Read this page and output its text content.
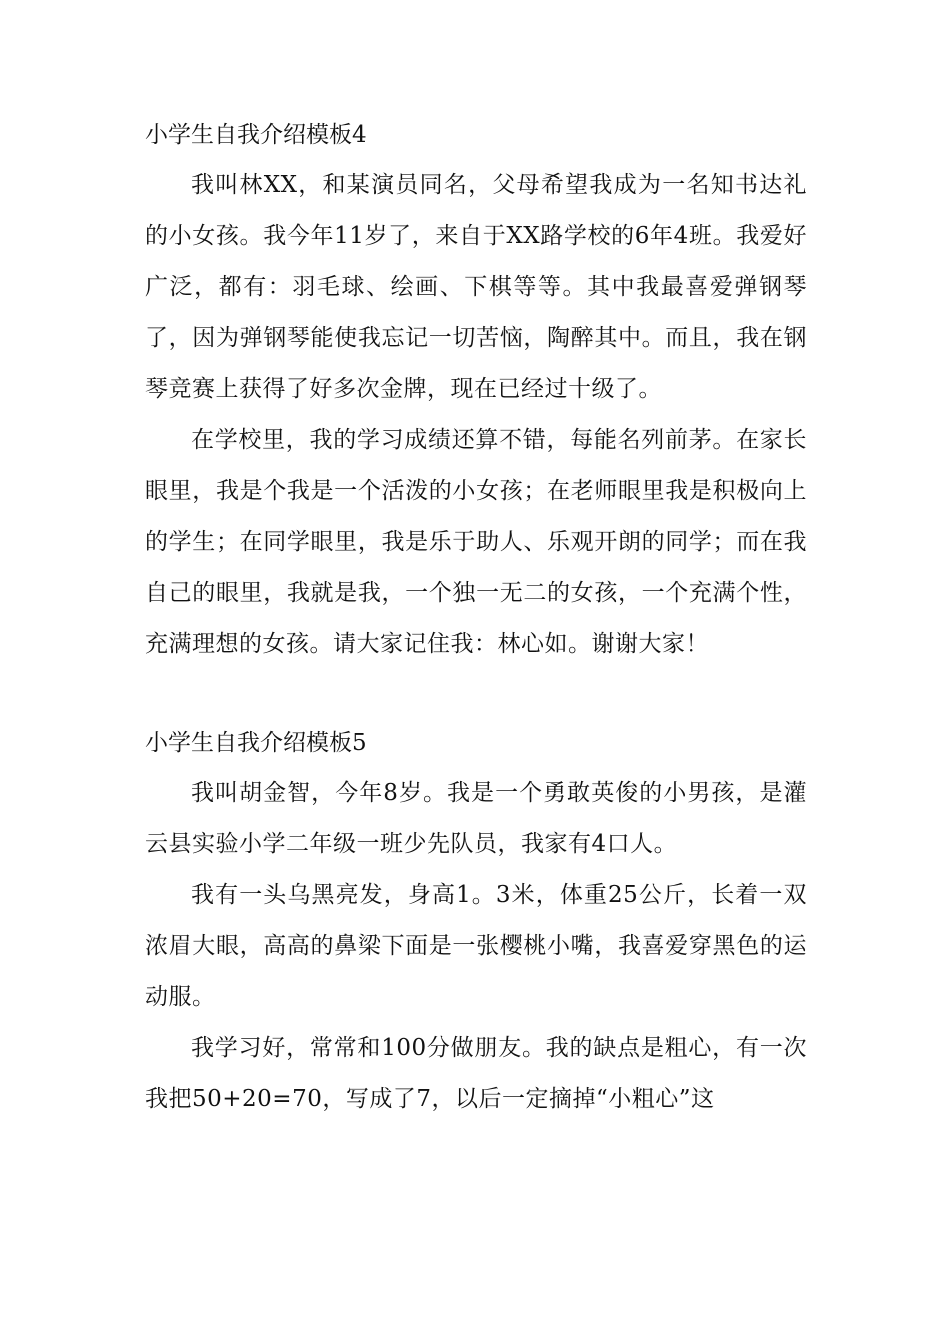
小学生自我介绍模板4

我叫林XX，和某演员同名，父母希望我成为一名知书达礼的小女孩。我今年11岁了，来自于XX路学校的6年4班。我爱好广泛，都有：羽毛球、绘画、下棋等等。其中我最喜爱弹钢琴了，因为弹钢琴能使我忘记一切苦恼，陶醉其中。而且，我在钢琴竞赛上获得了好多次金牌，现在已经过十级了。

在学校里，我的学习成绩还算不错，每能名列前茅。在家长眼里，我是个我是一个活泼的小女孩；在老师眼里我是积极向上的学生；在同学眼里，我是乐于助人、乐观开朗的同学；而在我自己的眼里，我就是我，一个独一无二的女孩，一个充满个性，充满理想的女孩。请大家记住我：林心如。谢谢大家！

小学生自我介绍模板5

我叫胡金智，今年8岁。我是一个勇敢英俊的小男孩，是灌云县实验小学二年级一班少先队员，我家有4口人。

我有一头乌黑亮发，身高1。3米，体重25公斤，长着一双浓眉大眼，高高的鼻梁下面是一张樱桃小嘴，我喜爱穿黑色的运动服。

我学习好，常常和100分做朋友。我的缺点是粗心，有一次我把50+20=70，写成了7，以后一定摘掉“小粗心”这
